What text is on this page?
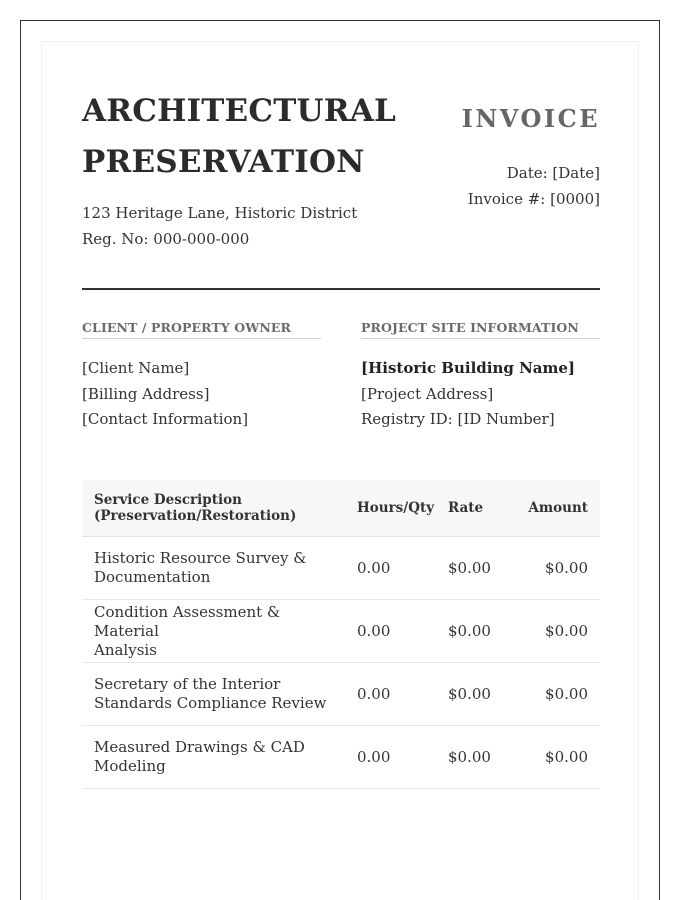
ARCHITECTURAL
PRESERVATION
123 Heritage Lane, Historic District
Reg. No: 000-000-000
INVOICE
Date: [Date]
Invoice #: [0000]
CLIENT / PROPERTY OWNER
[Client Name]
[Billing Address]
[Contact Information]
PROJECT SITE INFORMATION
[Historic Building Name]
[Project Address]
Registry ID: [ID Number]
Service Description
(Preservation/Restoration)	Hours/Qty	Rate	Amount

Historic Resource Survey &
Documentation	0.00	$0.00	$0.00

Condition Assessment & Material
Analysis	0.00	$0.00	$0.00

Secretary of the Interior
Standards Compliance Review	0.00	$0.00	$0.00

Measured Drawings & CAD
Modeling	0.00	$0.00	$0.00
